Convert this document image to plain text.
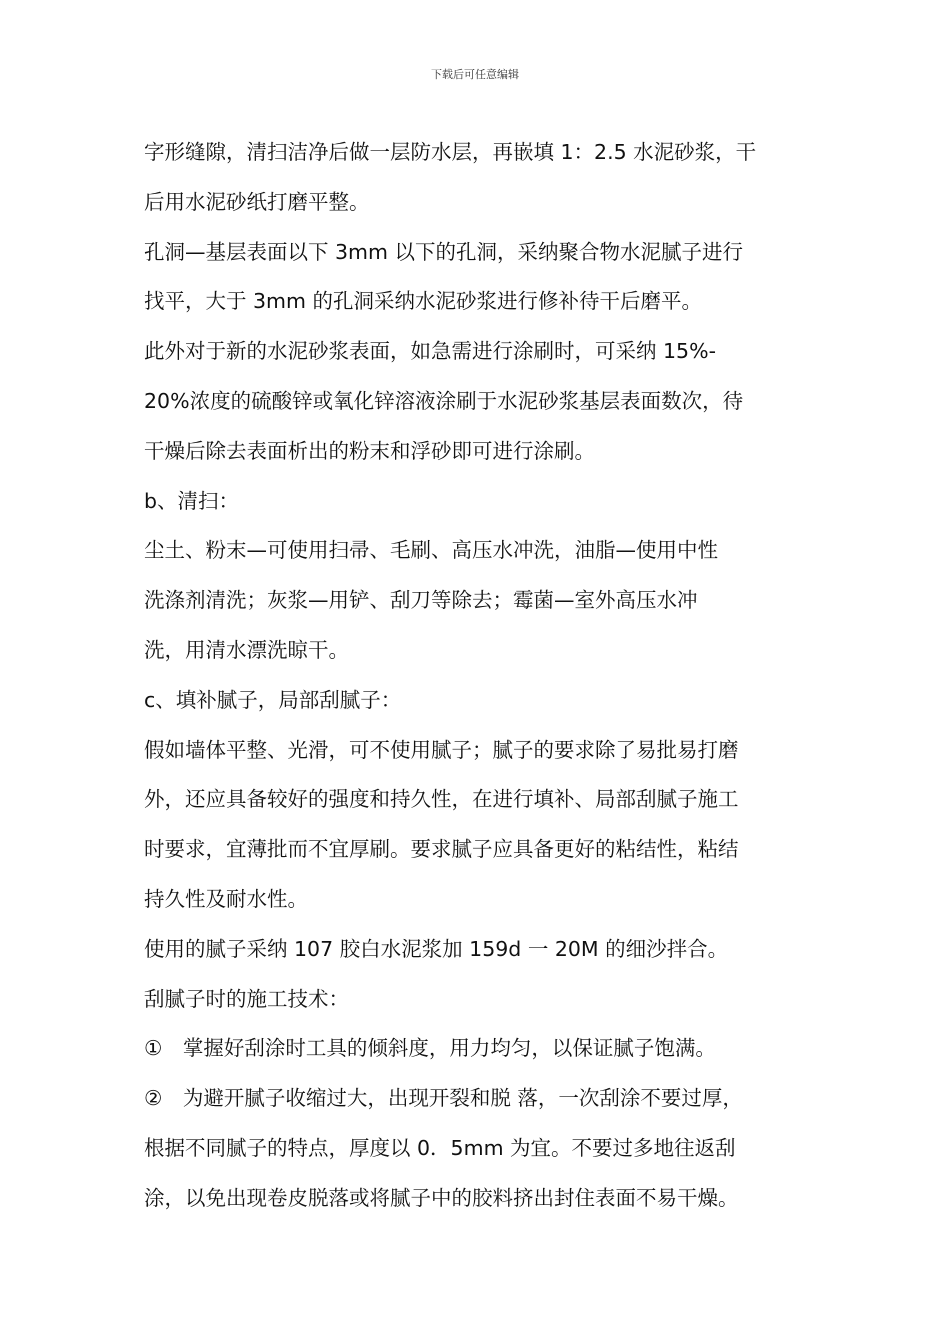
下载后可任意编辑
字形缝隙，清扫洁净后做一层防水层，再嵌填 1：2.5 水泥砂浆，干
后用水泥砂纸打磨平整。
孔洞—基层表面以下 3mm 以下的孔洞，采纳聚合物水泥腻子进行
找平，大于 3mm 的孔洞采纳水泥砂浆进行修补待干后磨平。
此外对于新的水泥砂浆表面，如急需进行涂刷时，可采纳 15%-
20%浓度的硫酸锌或氧化锌溶液涂刷于水泥砂浆基层表面数次，待
干燥后除去表面析出的粉末和浮砂即可进行涂刷。
b、清扫：
尘土、粉末—可使用扫帚、毛刷、高压水冲洗，油脂—使用中性
洗涤剂清洗；灰浆—用铲、刮刀等除去；霉菌—室外高压水冲
洗，用清水漂洗晾干。
c、填补腻子，局部刮腻子：
假如墙体平整、光滑，可不使用腻子；腻子的要求除了易批易打磨
外，还应具备较好的强度和持久性，在进行填补、局部刮腻子施工
时要求，宜薄批而不宜厚刷。要求腻子应具备更好的粘结性，粘结
持久性及耐水性。
使用的腻子采纳 107 胶白水泥浆加 159d 一 20M 的细沙拌合。
刮腻子时的施工技术：
①　掌握好刮涂时工具的倾斜度，用力均匀，以保证腻子饱满。
②　为避开腻子收缩过大，出现开裂和脱 落，一次刮涂不要过厚，
根据不同腻子的特点，厚度以 0．5mm 为宜。不要过多地往返刮
涂，以免出现卷皮脱落或将腻子中的胶料挤出封住表面不易干燥。
